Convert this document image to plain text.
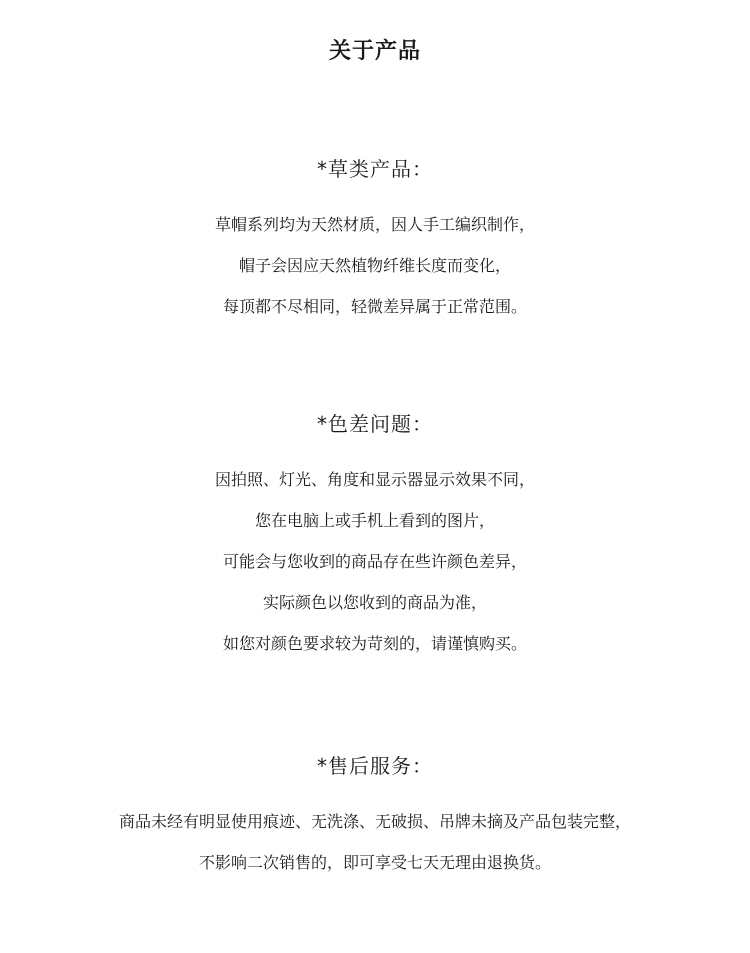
关于产品
*草类产品：

草帽系列均为天然材质，因人手工编织制作，

帽子会因应天然植物纤维长度而变化，

每顶都不尽相同，轻微差异属于正常范围。

*色差问题：

因拍照、灯光、角度和显示器显示效果不同，

您在电脑上或手机上看到的图片，

可能会与您收到的商品存在些许颜色差异，

实际颜色以您收到的商品为准，

如您对颜色要求较为苛刻的，请谨慎购买。

*售后服务：

商品未经有明显使用痕迹、无洗涤、无破损、吊牌未摘及产品包装完整，

不影响二次销售的，即可享受七天无理由退换货。
